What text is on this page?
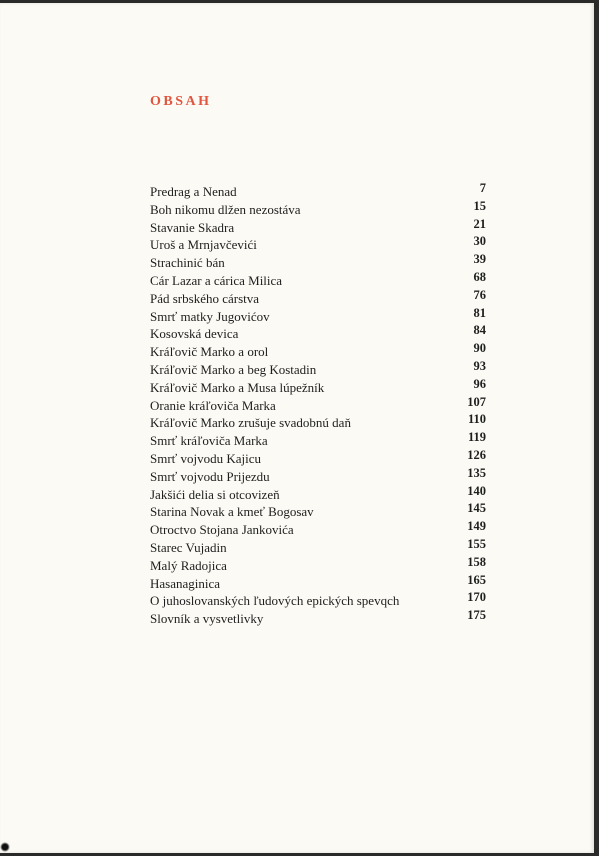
OBSAH
Predrag a Nenad	7
Boh nikomu dlžen nezostáva	15
Stavanie Skadra	21
Uroš a Mrnjavčevići	30
Strachinić bán	39
Cár Lazar a cárica Milica	68
Pád srbského cárstva	76
Smrť matky Jugovićov	81
Kosovská devica	84
Kráľovič Marko a orol	90
Kráľovič Marko a beg Kostadin	93
Kráľovič Marko a Musa lúpežník	96
Oranie kráľoviča Marka	107
Kráľovič Marko zrušuje svadobnú daň	110
Smrť kráľoviča Marka	119
Smrť vojvodu Kajicu	126
Smrť vojvodu Prijezdu	135
Jakšići delia si otcovizeň	140
Starina Novak a kmeť Bogosav	145
Otroctvo Stojana Jankovića	149
Starec Vujadin	155
Malý Radojica	158
Hasanaginica	165
O juhoslovanských ľudových epických spevqch	170
Slovník a vysvetlivky	175
